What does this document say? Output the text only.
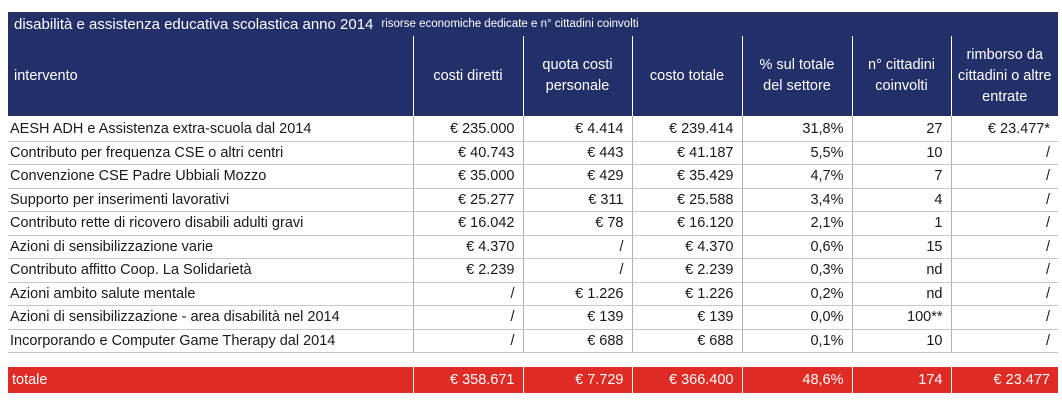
disabilità e assistenza educativa scolastica anno 2014 risorse economiche dedicate e n° cittadini coinvolti
intervento	costi diretti	quota costi personale	costo totale	% sul totale del settore	n° cittadini coinvolti	rimborso da cittadini o altre entrate
AESH ADH e Assistenza extra-scuola dal 2014	€ 235.000	€ 4.414	€ 239.414	31,8%	27	€ 23.477*
Contributo per frequenza CSE o altri centri	€ 40.743	€ 443	€ 41.187	5,5%	10	/
Convenzione CSE Padre Ubbiali Mozzo	€ 35.000	€ 429	€ 35.429	4,7%	7	/
Supporto per inserimenti lavorativi	€ 25.277	€ 311	€ 25.588	3,4%	4	/
Contributo rette di ricovero disabili adulti gravi	€ 16.042	€ 78	€ 16.120	2,1%	1	/
Azioni di sensibilizzazione varie	€ 4.370	/	€ 4.370	0,6%	15	/
Contributo affitto Coop. La Solidarietà	€ 2.239	/	€ 2.239	0,3%	nd	/
Azioni ambito salute mentale	/	€ 1.226	€ 1.226	0,2%	nd	/
Azioni di sensibilizzazione - area disabilità nel 2014	/	€ 139	€ 139	0,0%	100**	/
Incorporando e Computer Game Therapy dal 2014	/	€ 688	€ 688	0,1%	10	/

totale	€ 358.671	€ 7.729	€ 366.400	48,6%	174	€ 23.477
